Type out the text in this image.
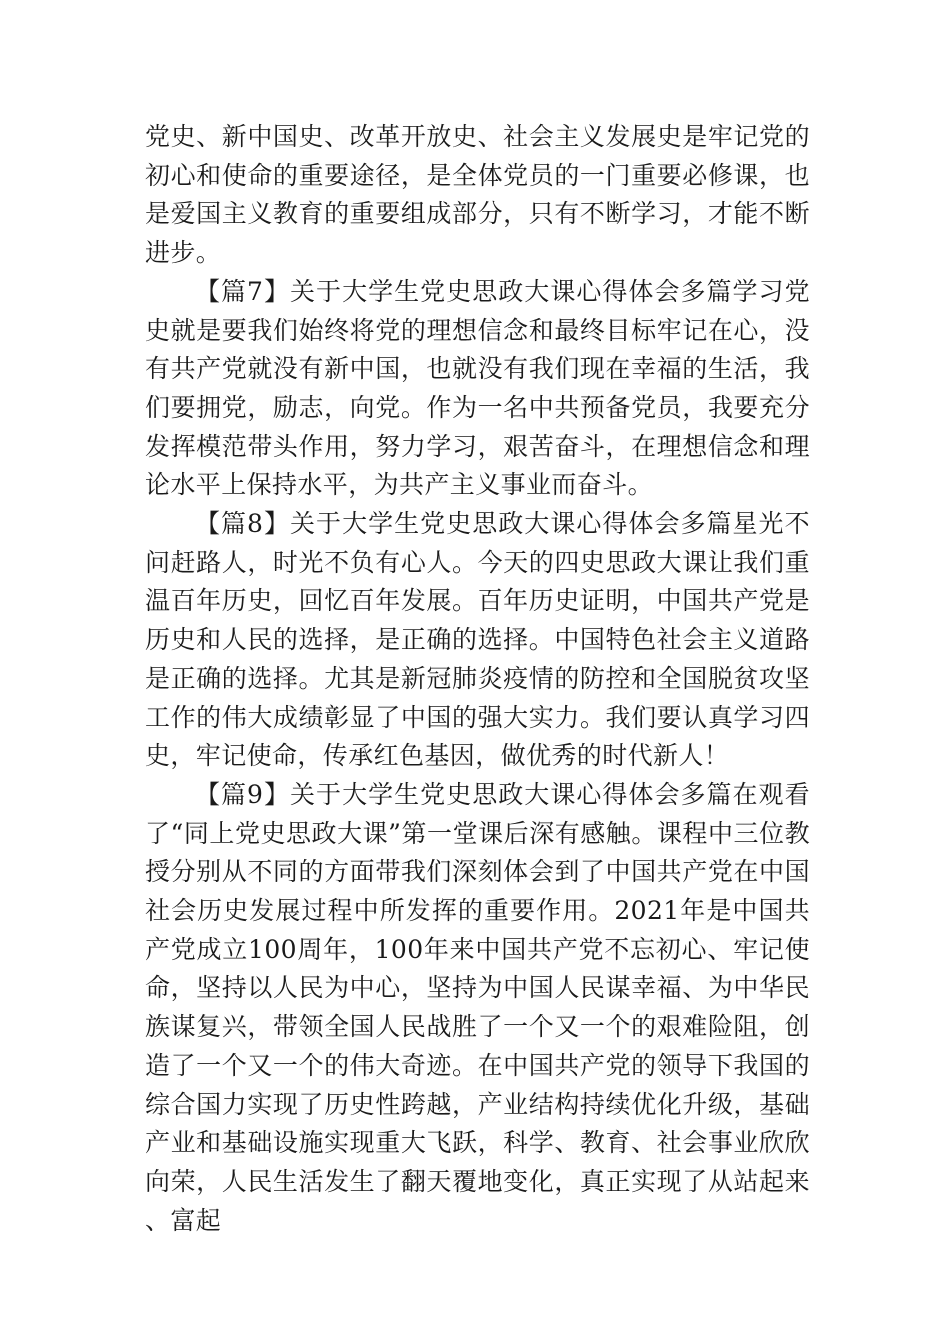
党史、新中国史、改革开放史、社会主义发展史是牢记党的初心和使命的重要途径，是全体党员的一门重要必修课，也是爱国主义教育的重要组成部分，只有不断学习，才能不断进步。

【篇7】关于大学生党史思政大课心得体会多篇学习党史就是要我们始终将党的理想信念和最终目标牢记在心，没有共产党就没有新中国，也就没有我们现在幸福的生活，我们要拥党，励志，向党。作为一名中共预备党员，我要充分发挥模范带头作用，努力学习，艰苦奋斗，在理想信念和理论水平上保持水平，为共产主义事业而奋斗。

【篇8】关于大学生党史思政大课心得体会多篇星光不问赶路人，时光不负有心人。今天的四史思政大课让我们重温百年历史，回忆百年发展。百年历史证明，中国共产党是历史和人民的选择，是正确的选择。中国特色社会主义道路是正确的选择。尤其是新冠肺炎疫情的防控和全国脱贫攻坚工作的伟大成绩彰显了中国的强大实力。我们要认真学习四史，牢记使命，传承红色基因，做优秀的时代新人！

【篇9】关于大学生党史思政大课心得体会多篇在观看了“同上党史思政大课”第一堂课后深有感触。课程中三位教授分别从不同的方面带我们深刻体会到了中国共产党在中国社会历史发展过程中所发挥的重要作用。2021年是中国共产党成立100周年，100年来中国共产党不忘初心、牢记使命，坚持以人民为中心，坚持为中国人民谋幸福、为中华民族谋复兴，带领全国人民战胜了一个又一个的艰难险阻，创造了一个又一个的伟大奇迹。在中国共产党的领导下我国的综合国力实现了历史性跨越，产业结构持续优化升级，基础产业和基础设施实现重大飞跃，科学、教育、社会事业欣欣向荣，人民生活发生了翻天覆地变化，真正实现了从站起来、富起
